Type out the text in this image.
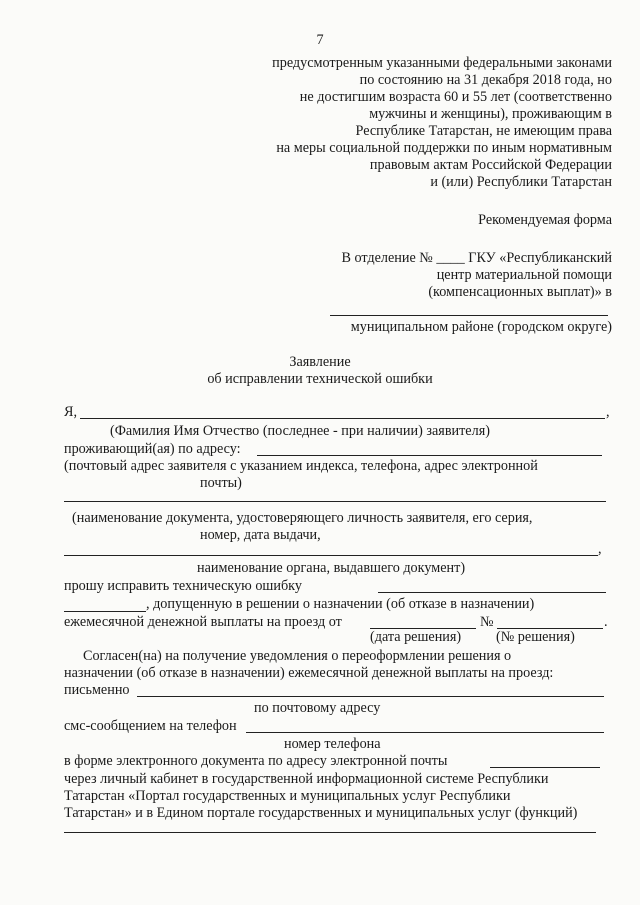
7
предусмотренным указанными федеральными законами
по состоянию на 31 декабря 2018 года, но
не достигшим возраста 60 и 55 лет (соответственно
мужчины и женщины), проживающим в
Республике Татарстан, не имеющим права
на меры социальной поддержки по иным нормативным
правовым актам Российской Федерации
и (или) Республики Татарстан
Рекомендуемая форма
В отделение № ____ ГКУ «Республиканский
центр материальной помощи
(компенсационных выплат)» в
муниципальном районе (городском округе)
Заявление
об исправлении технической ошибки
Я,	,
(Фамилия Имя Отчество (последнее - при наличии) заявителя)
проживающий(ая) по адресу:
(почтовый адрес заявителя с указанием индекса, телефона, адрес электронной
почты)
(наименование документа, удостоверяющего личность заявителя, его серия,
номер, дата выдачи,
,
наименование органа, выдавшего документ)
прошу исправить техническую ошибку
, допущенную в решении о назначении (об отказе в назначении)
ежемесячной денежной выплаты на проезд от	№	.
(дата решения) (№ решения)
Согласен(на) на получение уведомления о переоформлении решения о
назначении (об отказе в назначении) ежемесячной денежной выплаты на проезд:
письменно
по почтовому адресу
смс-сообщением на телефон
номер телефона
в форме электронного документа по адресу электронной почты
через личный кабинет в государственной информационной системе Республики
Татарстан «Портал государственных и муниципальных услуг Республики
Татарстан» и в Едином портале государственных и муниципальных услуг (функций)
